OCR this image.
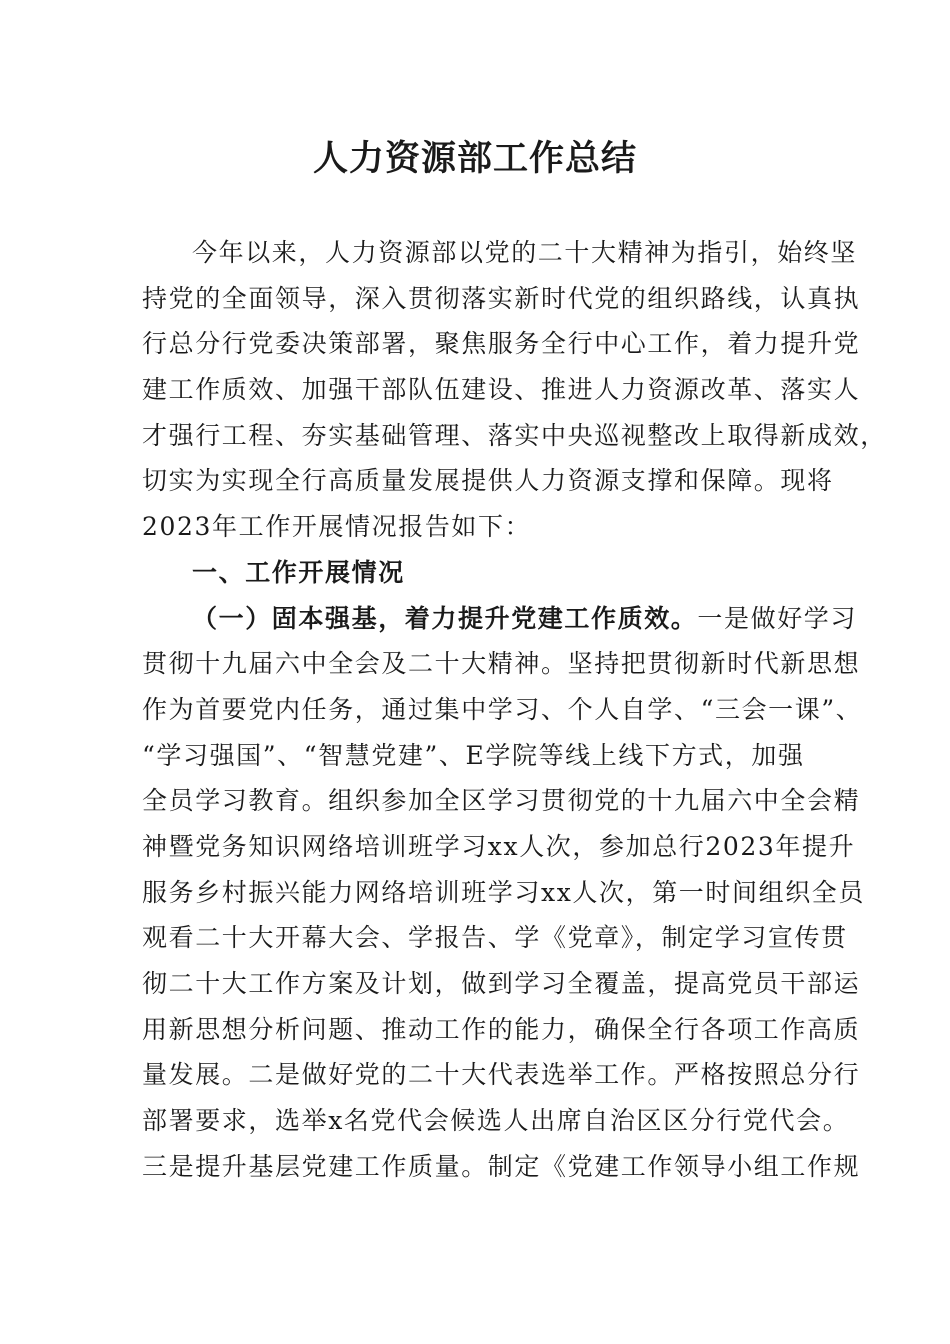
人力资源部工作总结
今年以来，人力资源部以党的二十大精神为指引，始终坚
持党的全面领导，深入贯彻落实新时代党的组织路线，认真执
行总分行党委决策部署，聚焦服务全行中心工作，着力提升党
建工作质效、加强干部队伍建设、推进人力资源改革、落实人
才强行工程、夯实基础管理、落实中央巡视整改上取得新成效，
切实为实现全行高质量发展提供人力资源支撑和保障。现将
2023年工作开展情况报告如下：
一、工作开展情况
（一）固本强基，着力提升党建工作质效。一是做好学习
贯彻十九届六中全会及二十大精神。坚持把贯彻新时代新思想
作为首要党内任务，通过集中学习、个人自学、“三会一课”、
“学习强国”、“智慧党建”、E学院等线上线下方式，加强
全员学习教育。组织参加全区学习贯彻党的十九届六中全会精
神暨党务知识网络培训班学习xx人次，参加总行2023年提升
服务乡村振兴能力网络培训班学习xx人次，第一时间组织全员
观看二十大开幕大会、学报告、学《党章》，制定学习宣传贯
彻二十大工作方案及计划，做到学习全覆盖，提高党员干部运
用新思想分析问题、推动工作的能力，确保全行各项工作高质
量发展。二是做好党的二十大代表选举工作。严格按照总分行
部署要求，选举x名党代会候选人出席自治区区分行党代会。
三是提升基层党建工作质量。制定《党建工作领导小组工作规
